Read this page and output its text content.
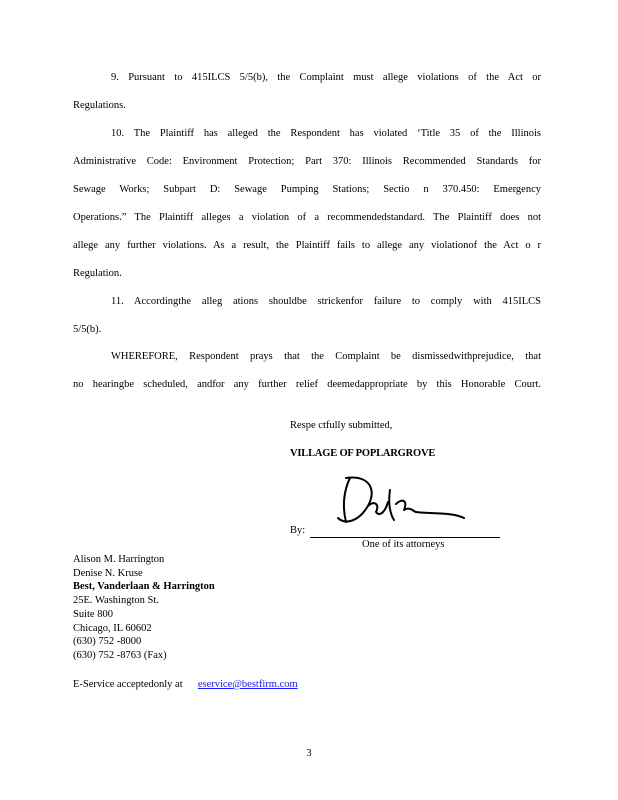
9. Pursuant to 415ILCS 5/5(b), the Complaint must allege violations of the Act or
Regulations.
10. The Plaintiff has alleged the Respondent has violated ‘Title 35 of the Illinois
Administrative Code: Environment Protection; Part 370: Illinois Recommended Standards for
Sewage Works; Subpart D: Sewage Pumping Stations; Sectio n 370.450: Emergency
Operations.” The Plaintiff alleges a violation of a recommendedstandard. The Plaintiff does not
allege any further violations. As a result, the Plaintiff fails to allege any violationof the Act o r
Regulation.
11. Accordingthe alleg ations shouldbe strickenfor failure to comply with 415ILCS
5/5(b).
WHEREFORE, Respondent prays that the Complaint be dismissedwithprejudice, that
no hearingbe scheduled, andfor any further relief deemedappropriate by this Honorable Court.
Respe ctfully submitted,
VILLAGE OF POPLARGROVE
By:
One of its attorneys
Alison M. Harrington
Denise N. Kruse
Best, Vanderlaan & Harrington
25E. Washington St.
Suite 800
Chicago, IL 60602
(630) 752 -8000
(630) 752 -8763 (Fax)
E-Service acceptedonly at eservice@bestfirm.com
3
